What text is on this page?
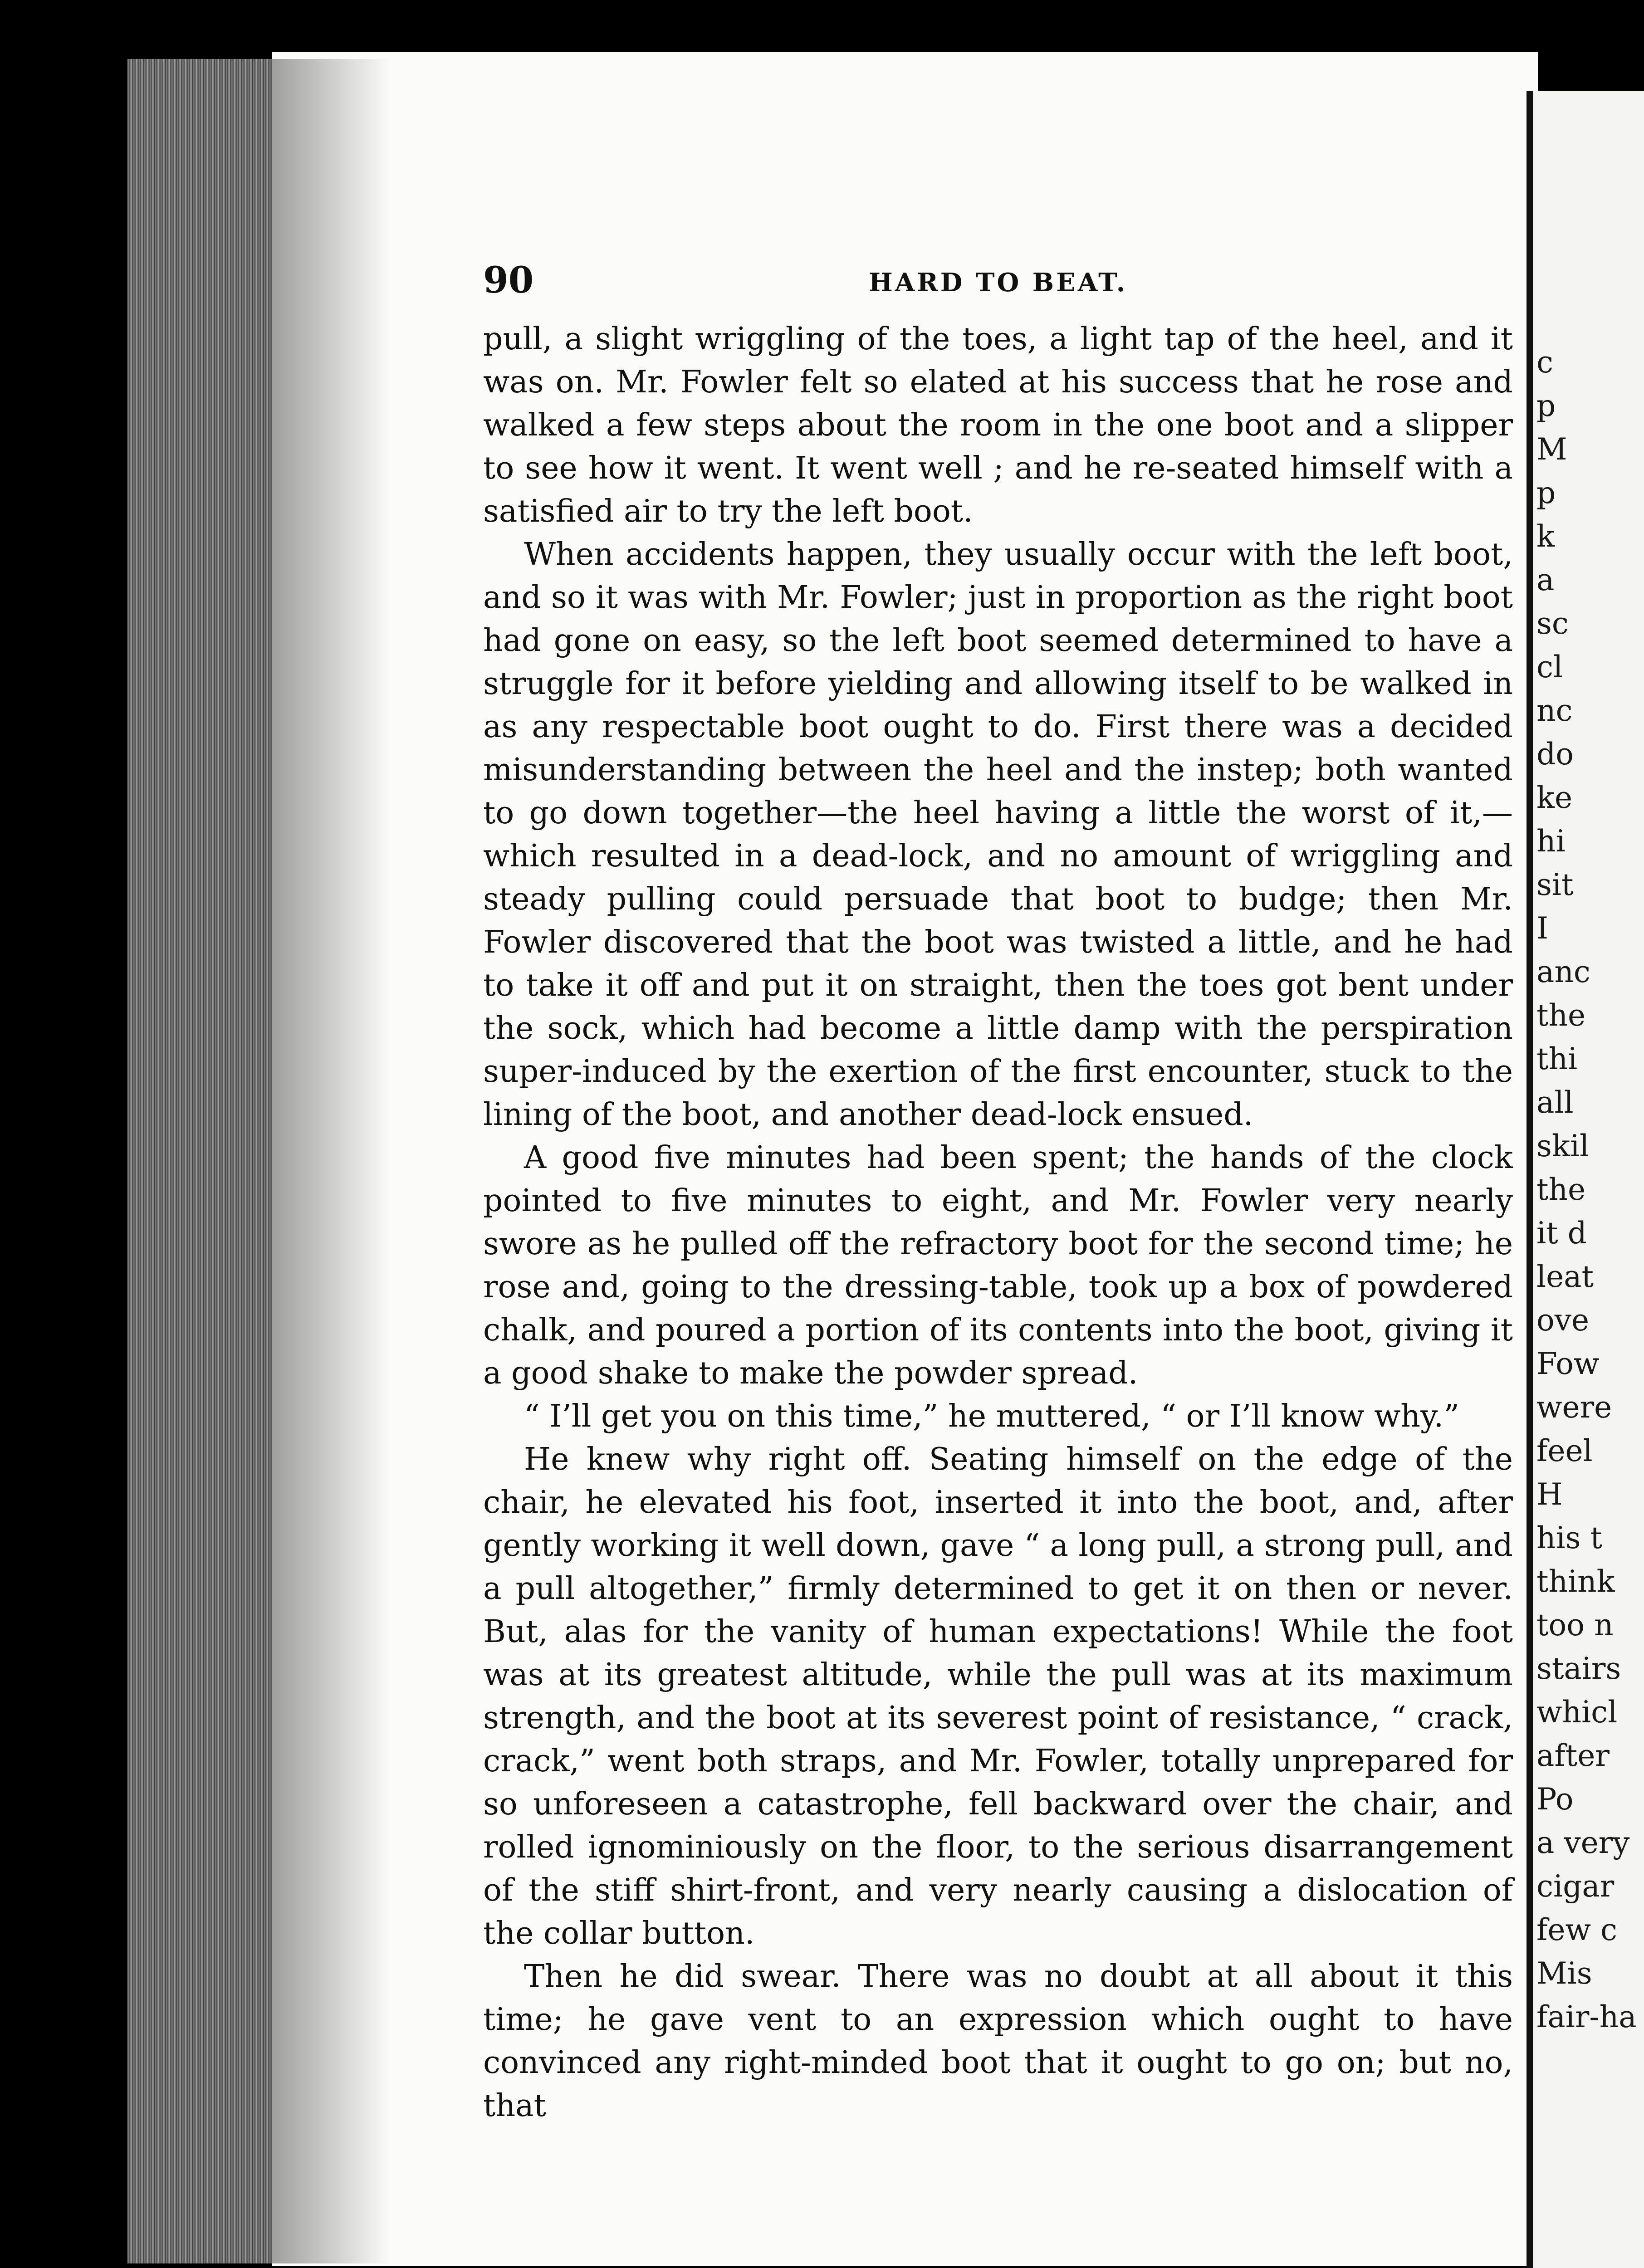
c
p
M
p
k
a
sc
cl
nc
do
ke
hi
sit
I
anc
the
thi
all
skil
the
it d
leat
ove
Fow
were
feel
H
his t
think
too n
stairs
whicl
after
Po
a very
cigar
few c
Mis
fair-ha
90	HARD TO BEAT.

pull, a slight wriggling of the toes, a light tap of the heel, and it was on. Mr. Fowler felt so elated at his success that he rose and walked a few steps about the room in the one boot and a slipper to see how it went. It went well ; and he re-seated himself with a satisfied air to try the left boot.

When accidents happen, they usually occur with the left boot, and so it was with Mr. Fowler; just in proportion as the right boot had gone on easy, so the left boot seemed determined to have a struggle for it before yielding and allowing itself to be walked in as any respectable boot ought to do. First there was a decided misunderstanding between the heel and the instep; both wanted to go down together—the heel having a little the worst of it,—which resulted in a dead-lock, and no amount of wriggling and steady pulling could persuade that boot to budge; then Mr. Fowler discovered that the boot was twisted a little, and he had to take it off and put it on straight, then the toes got bent under the sock, which had become a little damp with the perspiration super-induced by the exertion of the first encounter, stuck to the lining of the boot, and another dead-lock ensued.

A good five minutes had been spent; the hands of the clock pointed to five minutes to eight, and Mr. Fowler very nearly swore as he pulled off the refractory boot for the second time; he rose and, going to the dressing-table, took up a box of powdered chalk, and poured a portion of its contents into the boot, giving it a good shake to make the powder spread.

“ I’ll get you on this time,” he muttered, “ or I’ll know why.”

He knew why right off. Seating himself on the edge of the chair, he elevated his foot, inserted it into the boot, and, after gently working it well down, gave “ a long pull, a strong pull, and a pull altogether,” firmly determined to get it on then or never. But, alas for the vanity of human expectations! While the foot was at its greatest altitude, while the pull was at its maximum strength, and the boot at its severest point of resistance, “ crack, crack,” went both straps, and Mr. Fowler, totally unprepared for so unforeseen a catastrophe, fell backward over the chair, and rolled ignominiously on the floor, to the serious disarrangement of the stiff shirt-front, and very nearly causing a dislocation of the collar button.

Then he did swear. There was no doubt at all about it this time; he gave vent to an expression which ought to have convinced any right-minded boot that it ought to go on; but no, that
